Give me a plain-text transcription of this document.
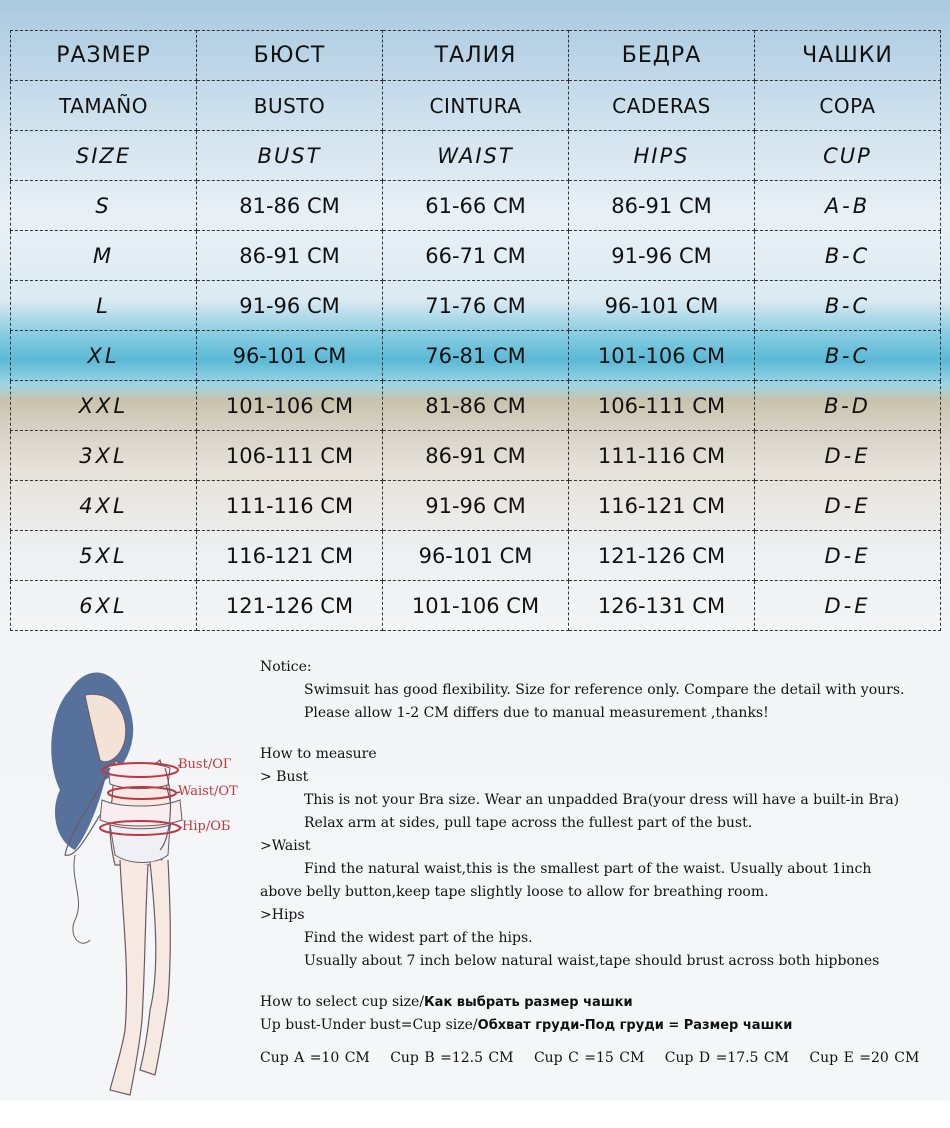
РАЗМЕР	БЮСТ	ТАЛИЯ	БЕДРА	ЧАШКИ
TAMAÑO	BUSTO	CINTURA	CADERAS	COPA
SIZE	BUST	WAIST	HIPS	CUP
S	81-86 CM	61-66 CM	86-91 CM	A-B
M	86-91 CM	66-71 CM	91-96 CM	B-C
L	91-96 CM	71-76 CM	96-101 CM	B-C
XL	96-101 CM	76-81 CM	101-106 CM	B-C
XXL	101-106 CM	81-86 CM	106-111 CM	B-D
3XL	106-111 CM	86-91 CM	111-116 CM	D-E
4XL	111-116 CM	91-96 CM	116-121 CM	D-E
5XL	116-121 CM	96-101 CM	121-126 CM	D-E
6XL	121-126 CM	101-106 CM	126-131 CM	D-E
Bust/ОГ
Waist/ОТ
Hip/ОБ
Notice:
Swimsuit has good flexibility. Size for reference only. Compare the detail with yours.
Please allow 1-2 CM differs due to manual measurement ,thanks!
How to measure
> Bust
This is not your Bra size. Wear an unpadded Bra(your dress will have a built-in Bra)
Relax arm at sides, pull tape across the fullest part of the bust.
>Waist
Find the natural waist,this is the smallest part of the waist. Usually about 1inch
above belly button,keep tape slightly loose to allow for breathing room.
>Hips
Find the widest part of the hips.
Usually about 7 inch below natural waist,tape should brust across both hipbones
How to select cup size/Как выбрать размер чашки
Up bust-Under bust=Cup size/Обхват груди-Под груди = Размер чашки
Cup A =10 CM Cup B =12.5 CM Cup C =15 CM Cup D =17.5 CM Cup E =20 CM
